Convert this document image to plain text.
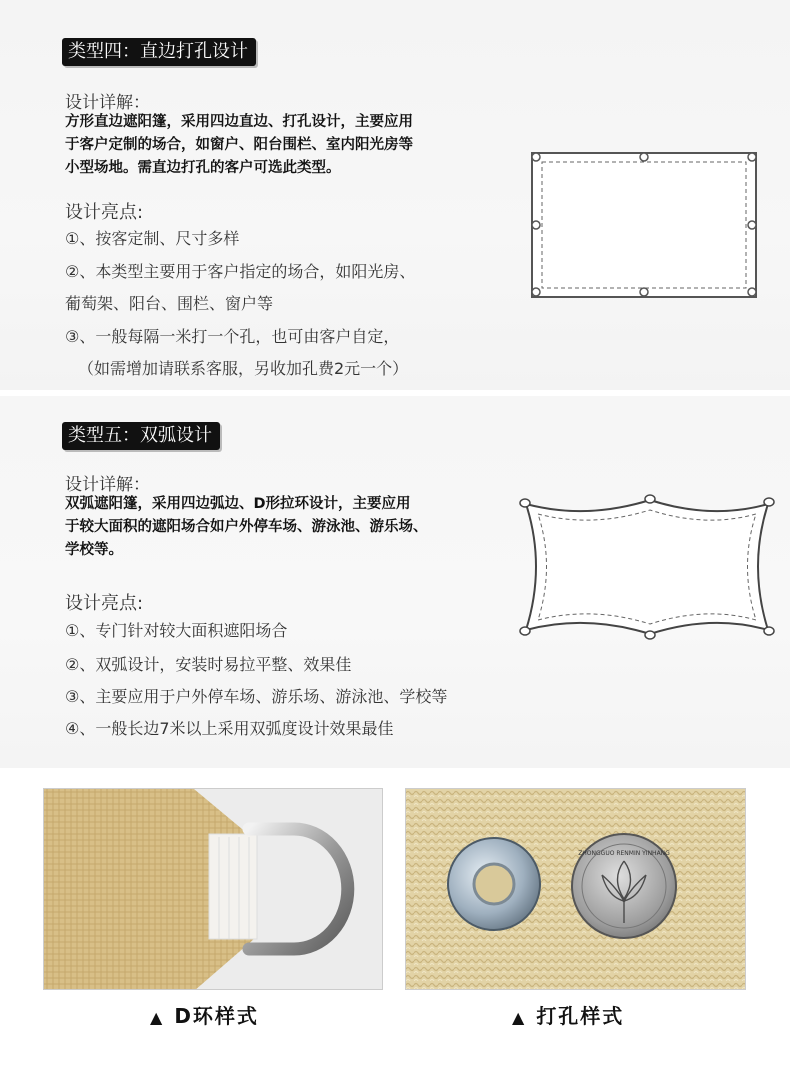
类型四：直边打孔设计
设计详解：
方形直边遮阳篷，采用四边直边、打孔设计，主要应用
于客户定制的场合，如窗户、阳台围栏、室内阳光房等
小型场地。需直边打孔的客户可选此类型。
设计亮点:
①、按客定制、尺寸多样
②、本类型主要用于客户指定的场合，如阳光房、
葡萄架、阳台、围栏、窗户等
③、一般每隔一米打一个孔，也可由客户自定，
（如需增加请联系客服，另收加孔费2元一个）
类型五：双弧设计
设计详解：
双弧遮阳篷，采用四边弧边、D形拉环设计，主要应用
于较大面积的遮阳场合如户外停车场、游泳池、游乐场、
学校等。
设计亮点:
①、专门针对较大面积遮阳场合
②、双弧设计，安装时易拉平整、效果佳
③、主要应用于户外停车场、游乐场、游泳池、学校等
④、一般长边7米以上采用双弧度设计效果最佳
ZHONGGUO RENMIN YINHANG
▲ D环样式	▲ 打孔样式
